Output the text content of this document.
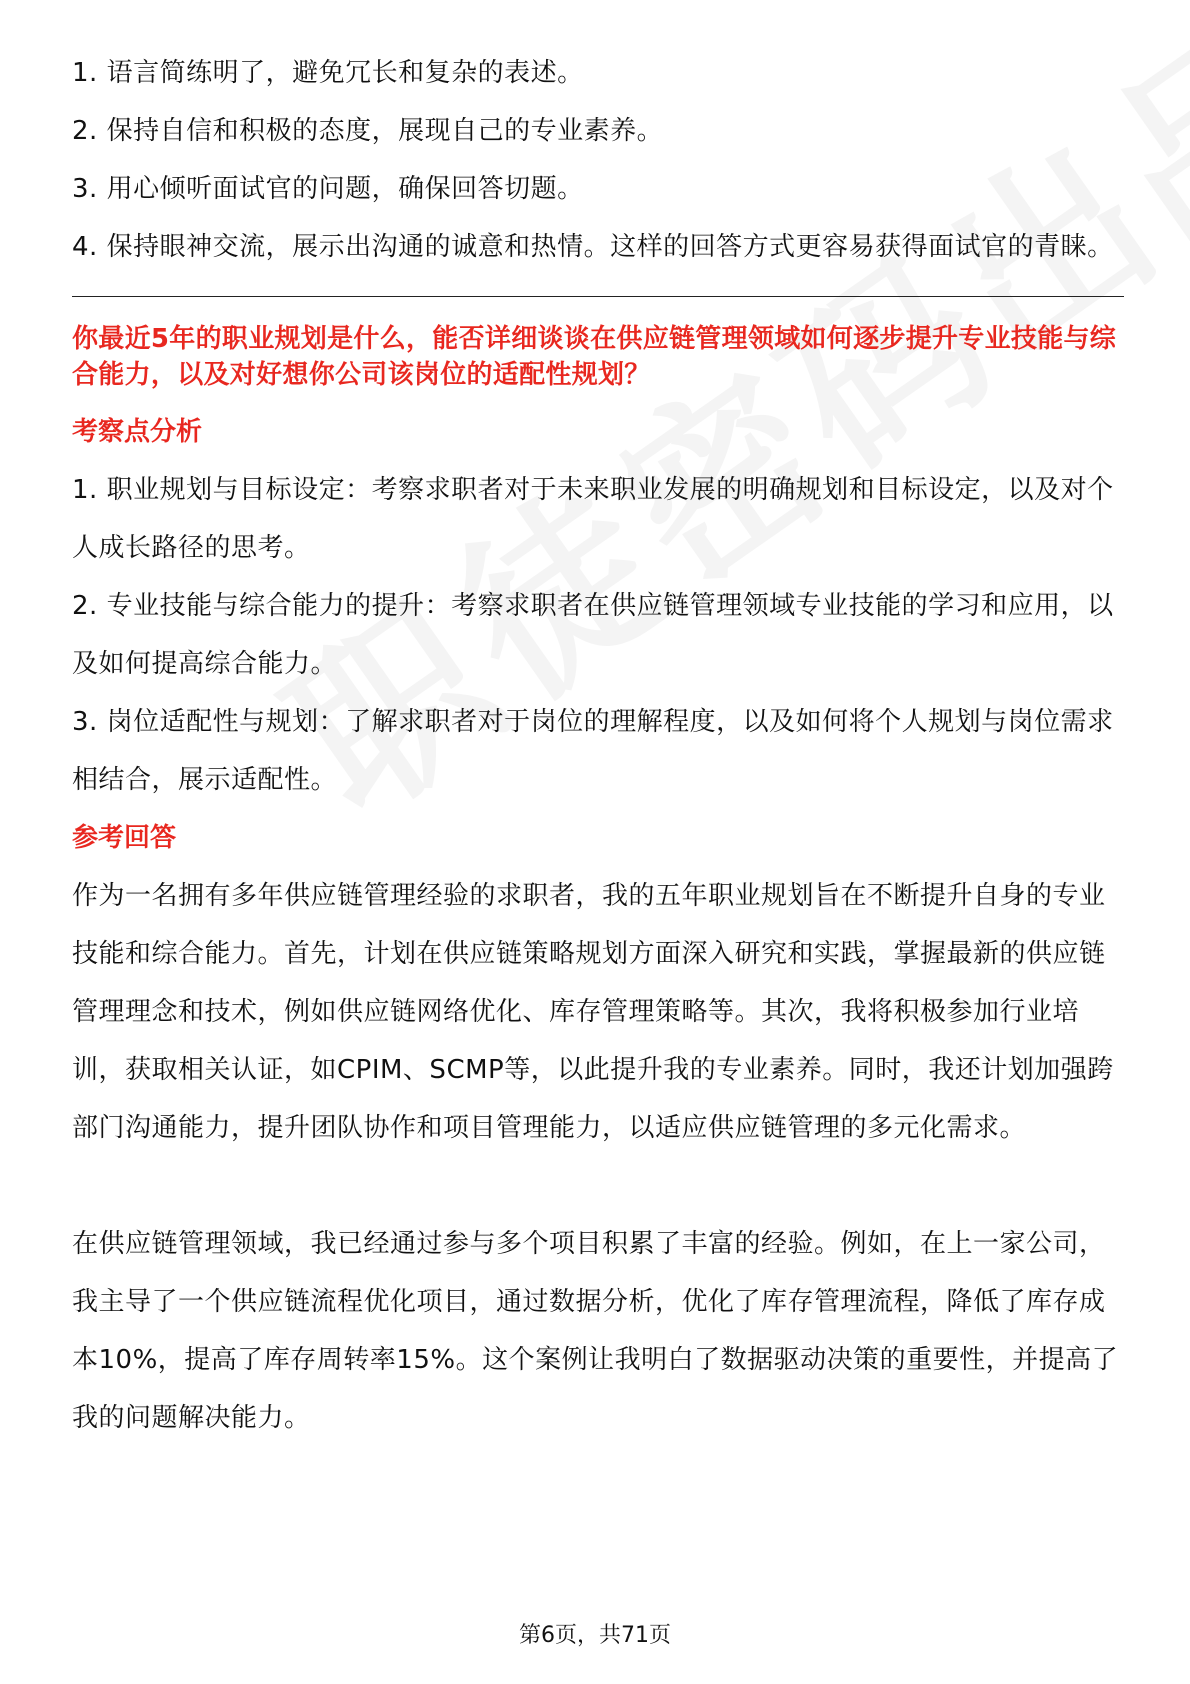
1. 语言简练明了，避免冗长和复杂的表述。

2. 保持自信和积极的态度，展现自己的专业素养。

3. 用心倾听面试官的问题，确保回答切题。

4. 保持眼神交流，展示出沟通的诚意和热情。这样的回答方式更容易获得面试官的青睐。

你最近5年的职业规划是什么，能否详细谈谈在供应链管理领域如何逐步提升专业技能与综合能力，以及对好想你公司该岗位的适配性规划？

考察点分析

1. 职业规划与目标设定：考察求职者对于未来职业发展的明确规划和目标设定，以及对个人成长路径的思考。

2. 专业技能与综合能力的提升：考察求职者在供应链管理领域专业技能的学习和应用，以及如何提高综合能力。

3. 岗位适配性与规划：了解求职者对于岗位的理解程度，以及如何将个人规划与岗位需求相结合，展示适配性。

参考回答

作为一名拥有多年供应链管理经验的求职者，我的五年职业规划旨在不断提升自身的专业技能和综合能力。首先，计划在供应链策略规划方面深入研究和实践，掌握最新的供应链管理理念和技术，例如供应链网络优化、库存管理策略等。其次，我将积极参加行业培训，获取相关认证，如CPIM、SCMP等，以此提升我的专业素养。同时，我还计划加强跨部门沟通能力，提升团队协作和项目管理能力，以适应供应链管理的多元化需求。

在供应链管理领域，我已经通过参与多个项目积累了丰富的经验。例如，在上一家公司，我主导了一个供应链流程优化项目，通过数据分析，优化了库存管理流程，降低了库存成本10%，提高了库存周转率15%。这个案例让我明白了数据驱动决策的重要性，并提高了我的问题解决能力。

第6页，共71页
